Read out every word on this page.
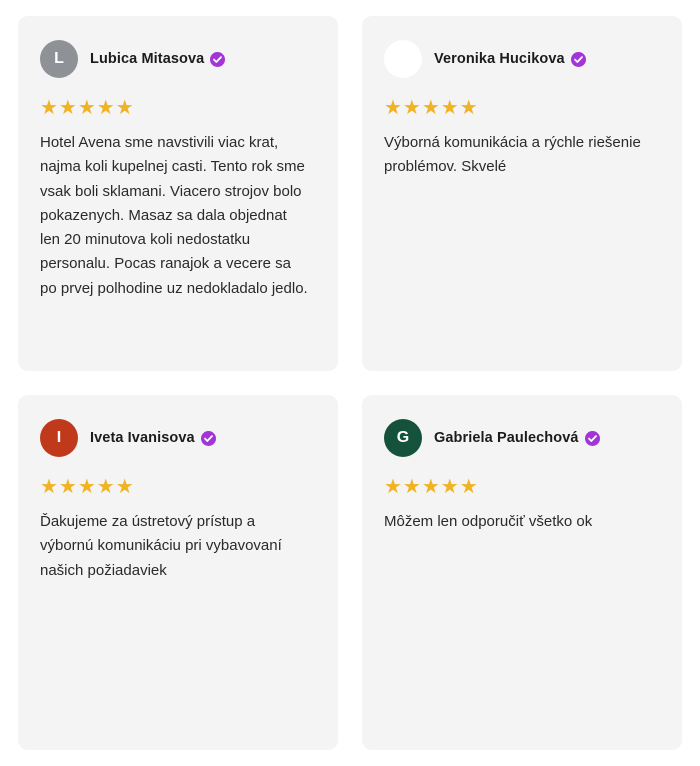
L	Lubica Mitasova
★★★★★
Hotel Avena sme navstivili viac krat, najma koli kupelnej casti. Tento rok sme vsak boli sklamani. Viacero strojov bolo pokazenych. Masaz sa dala objednat len 20 minutova koli nedostatku personalu. Pocas ranajok a vecere sa po prvej polhodine uz nedokladalo jedlo.
Veronika Hucikova
★★★★★
Výborná komunikácia a rýchle riešenie problémov. Skvelé
I	Iveta Ivanisova
★★★★★
Ďakujeme za ústretový prístup a výbornú komunikáciu pri vybavovaní našich požiadaviek
G	Gabriela Paulechová
★★★★★
Môžem len odporučiť všetko ok
